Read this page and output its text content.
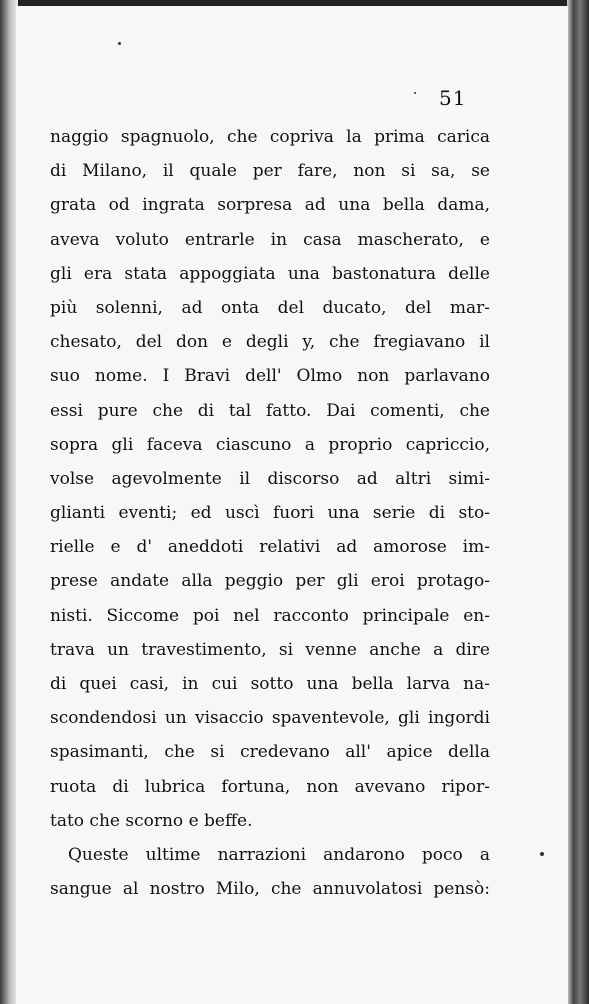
51
naggio spagnuolo, che copriva la prima carica
di Milano, il quale per fare, non si sa, se
grata od ingrata sorpresa ad una bella dama,
aveva voluto entrarle in casa mascherato, e
gli era stata appoggiata una bastonatura delle
più solenni, ad onta del ducato, del mar-
chesato, del don e degli y, che fregiavano il
suo nome. I Bravi dell' Olmo non parlavano
essi pure che di tal fatto. Dai comenti, che
sopra gli faceva ciascuno a proprio capriccio,
volse agevolmente il discorso ad altri simi-
glianti eventi; ed uscì fuori una serie di sto-
rielle e d' aneddoti relativi ad amorose im-
prese andate alla peggio per gli eroi protago-
nisti. Siccome poi nel racconto principale en-
trava un travestimento, si venne anche a dire
di quei casi, in cui sotto una bella larva na-
scondendosi un visaccio spaventevole, gli ingordi
spasimanti, che si credevano all' apice della
ruota di lubrica fortuna, non avevano ripor-
tato che scorno e beffe.
Queste ultime narrazioni andarono poco a
sangue al nostro Milo, che annuvolatosi pensò:
